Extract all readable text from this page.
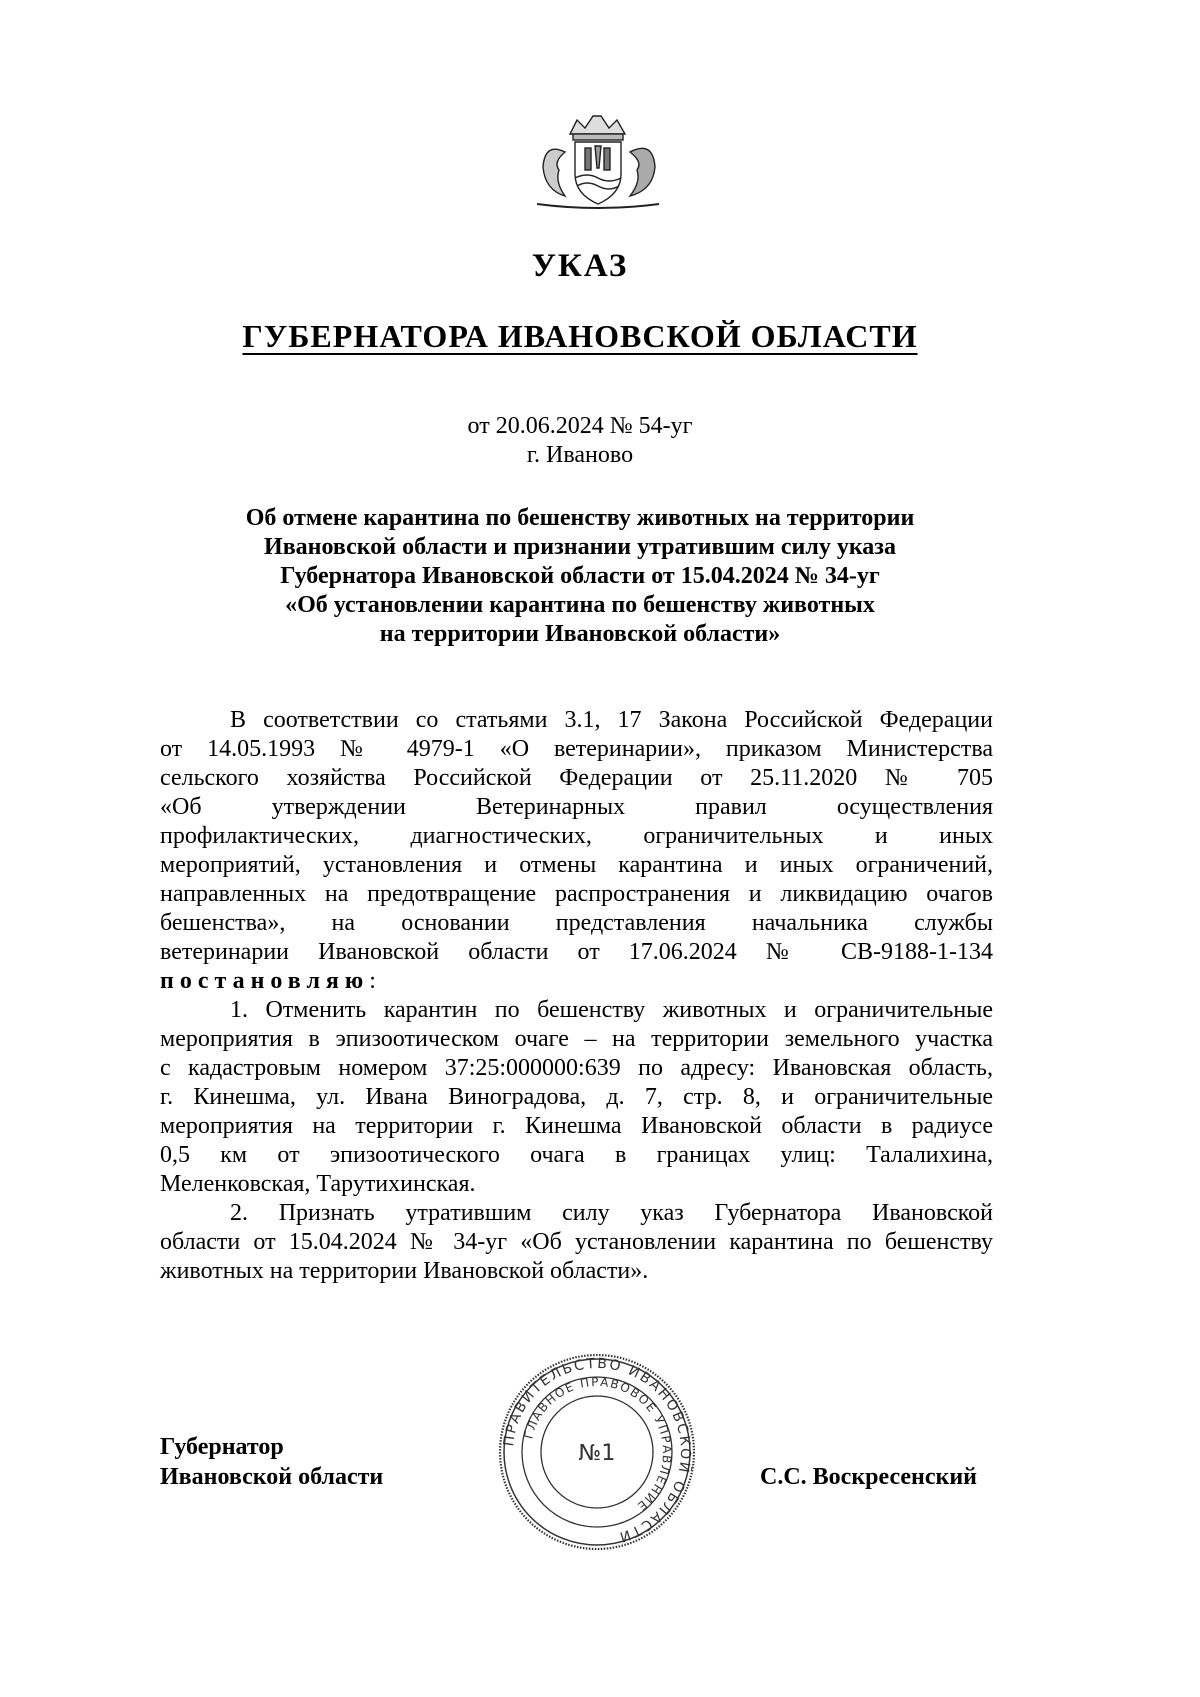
УКАЗ
ГУБЕРНАТОРА ИВАНОВСКОЙ ОБЛАСТИ
от 20.06.2024 № 54-уг
г. Иваново
Об отмене карантина по бешенству животных на территории
Ивановской области и признании утратившим силу указа
Губернатора Ивановской области от 15.04.2024 № 34-уг
«Об установлении карантина по бешенству животных
на территории Ивановской области»
В соответствии со статьями 3.1, 17 Закона Российской Федерации
от 14.05.1993 № 4979-1 «О ветеринарии», приказом Министерства
сельского хозяйства Российской Федерации от 25.11.2020 № 705
«Об утверждении Ветеринарных правил осуществления
профилактических, диагностических, ограничительных и иных
мероприятий, установления и отмены карантина и иных ограничений,
направленных на предотвращение распространения и ликвидацию очагов
бешенства», на основании представления начальника службы
ветеринарии Ивановской области от 17.06.2024 № СВ-9188-1-134
постановляю:
1. Отменить карантин по бешенству животных и ограничительные
мероприятия в эпизоотическом очаге – на территории земельного участка
с кадастровым номером 37:25:000000:639 по адресу: Ивановская область,
г. Кинешма, ул. Ивана Виноградова, д. 7, стр. 8, и ограничительные
мероприятия на территории г. Кинешма Ивановской области в радиусе
0,5 км от эпизоотического очага в границах улиц: Талалихина,
Меленковская, Тарутихинская.
2. Признать утратившим силу указ Губернатора Ивановской
области от 15.04.2024 № 34-уг «Об установлении карантина по бешенству
животных на территории Ивановской области».
Губернатор
Ивановской области
ПРАВИТЕЛЬСТВО ИВАНОВСКОЙ ОБЛАСТИ
ГЛАВНОЕ ПРАВОВОЕ УПРАВЛЕНИЕ
№1
С.С. Воскресенский
